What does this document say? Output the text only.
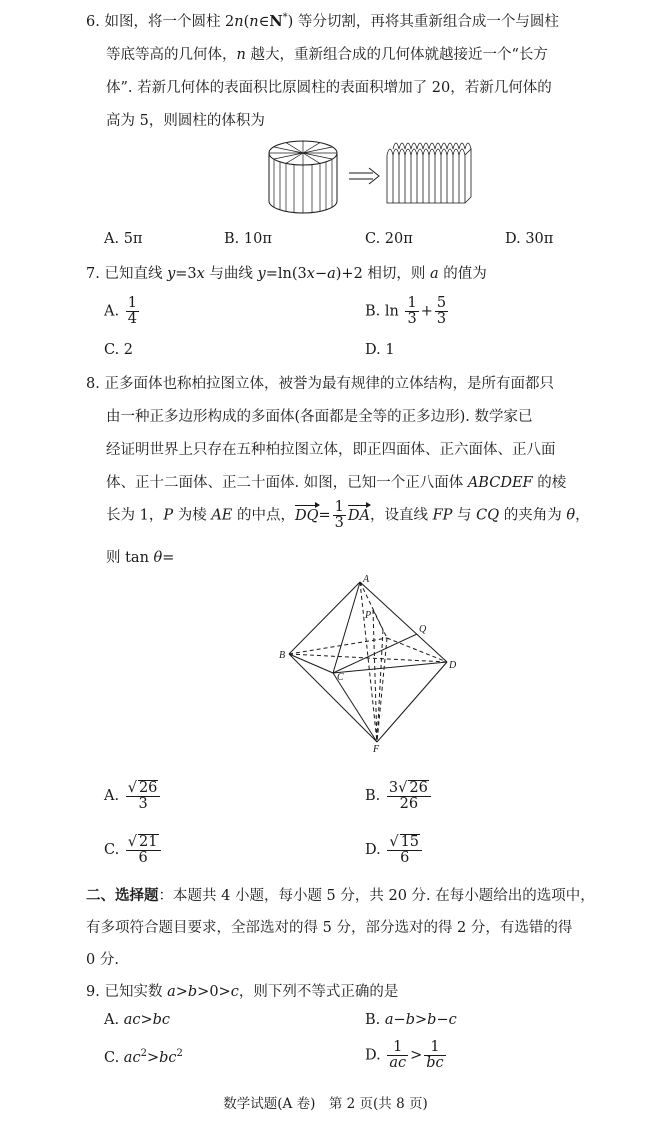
6. 如图，将一个圆柱 2n(n∈N*) 等分切割，再将其重新组合成一个与圆柱
等底等高的几何体，n 越大，重新组合成的几何体就越接近一个“长方
体”. 若新几何体的表面积比原圆柱的表面积增加了 20，若新几何体的
高为 5，则圆柱的体积为
A. 5π	B. 10π	C. 20π	D. 30π
7. 已知直线 y=3x 与曲线 y=ln(3x−a)+2 相切，则 a 的值为
A. $\frac{1}{4}$	B. $\ln \frac{1}{3} + \frac{5}{3}$
C. 2	D. 1
8. 正多面体也称柏拉图立体，被誉为最有规律的立体结构，是所有面都只
由一种正多边形构成的多面体(各面都是全等的正多边形). 数学家已
经证明世界上只存在五种柏拉图立体，即正四面体、正六面体、正八面
体、正十二面体、正二十面体. 如图，已知一个正八面体 ABCDEF 的棱
长为 1，P 为棱 AE 的中点，$DQ= \frac{1}{3}$ DA，设直线 FP 与 CQ 的夹角为 θ，
则 tan θ=
A
B
C
D
F
P
Q
A. $\frac{√ 26}{3}$	B. $\frac{3√ 26}{26}$
C. $\frac{√ 21}{6}$	D. $\frac{√ 15}{6}$
二、选择题：本题共 4 小题，每小题 5 分，共 20 分. 在每小题给出的选项中，
有多项符合题目要求，全部选对的得 5 分，部分选对的得 2 分，有选错的得
0 分.
9. 已知实数 a>b>0>c，则下列不等式正确的是
A. ac>bc	B. a−b>b−c
C. $ac^2>bc^2$	D. $\frac{1}{ac} > \frac{1}{bc}$
数学试题(A 卷)　第 2 页(共 8 页)
